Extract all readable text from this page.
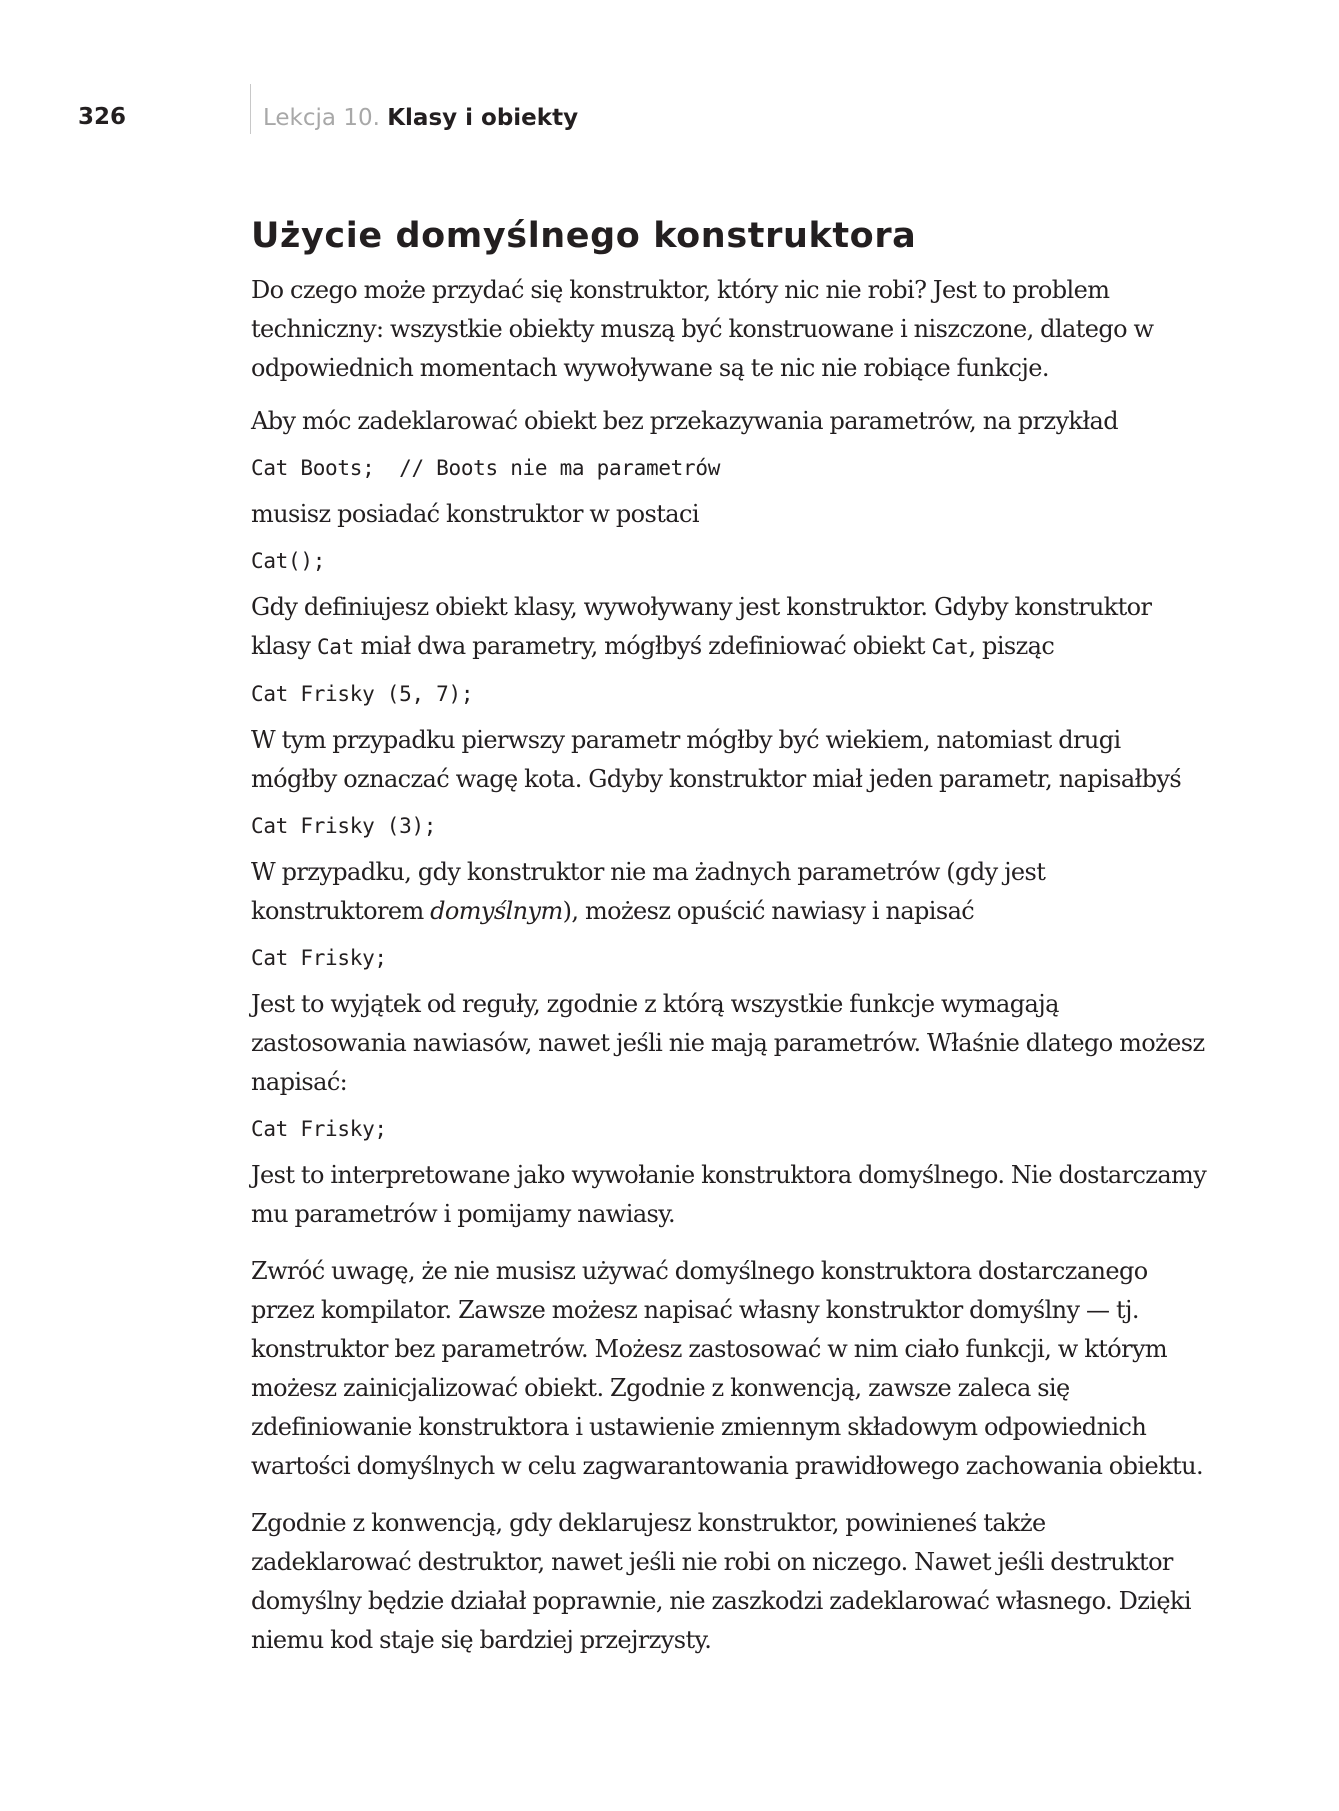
326	Lekcja 10. Klasy i obiekty
Użycie domyślnego konstruktora

Do czego może przydać się konstruktor, który nic nie robi? Jest to problem techniczny: wszystkie obiekty muszą być konstruowane i niszczone, dlatego w odpowiednich momentach wywoływane są te nic nie robiące funkcje.

Aby móc zadeklarować obiekt bez przekazywania parametrów, na przykład

Cat Boots;  // Boots nie ma parametrów

musisz posiadać konstruktor w postaci

Cat();

Gdy definiujesz obiekt klasy, wywoływany jest konstruktor. Gdyby konstruktor klasy Cat miał dwa parametry, mógłbyś zdefiniować obiekt Cat, pisząc

Cat Frisky (5, 7);

W tym przypadku pierwszy parametr mógłby być wiekiem, natomiast drugi mógłby oznaczać wagę kota. Gdyby konstruktor miał jeden parametr, napisałbyś

Cat Frisky (3);

W przypadku, gdy konstruktor nie ma żadnych parametrów (gdy jest konstruktorem domyślnym), możesz opuścić nawiasy i napisać

Cat Frisky;

Jest to wyjątek od reguły, zgodnie z którą wszystkie funkcje wymagają zastosowania nawiasów, nawet jeśli nie mają parametrów. Właśnie dlatego możesz napisać:

Cat Frisky;

Jest to interpretowane jako wywołanie konstruktora domyślnego. Nie dostarczamy mu parametrów i pomijamy nawiasy.

Zwróć uwagę, że nie musisz używać domyślnego konstruktora dostarczanego przez kompilator. Zawsze możesz napisać własny konstruktor domyślny — tj. konstruktor bez parametrów. Możesz zastosować w nim ciało funkcji, w którym możesz zainicjalizować obiekt. Zgodnie z konwencją, zawsze zaleca się zdefiniowanie konstruktora i ustawienie zmiennym składowym odpowiednich wartości domyślnych w celu zagwarantowania prawidłowego zachowania obiektu.

Zgodnie z konwencją, gdy deklarujesz konstruktor, powinieneś także zadeklarować destruktor, nawet jeśli nie robi on niczego. Nawet jeśli destruktor domyślny będzie działał poprawnie, nie zaszkodzi zadeklarować własnego. Dzięki niemu kod staje się bardziej przejrzysty.
